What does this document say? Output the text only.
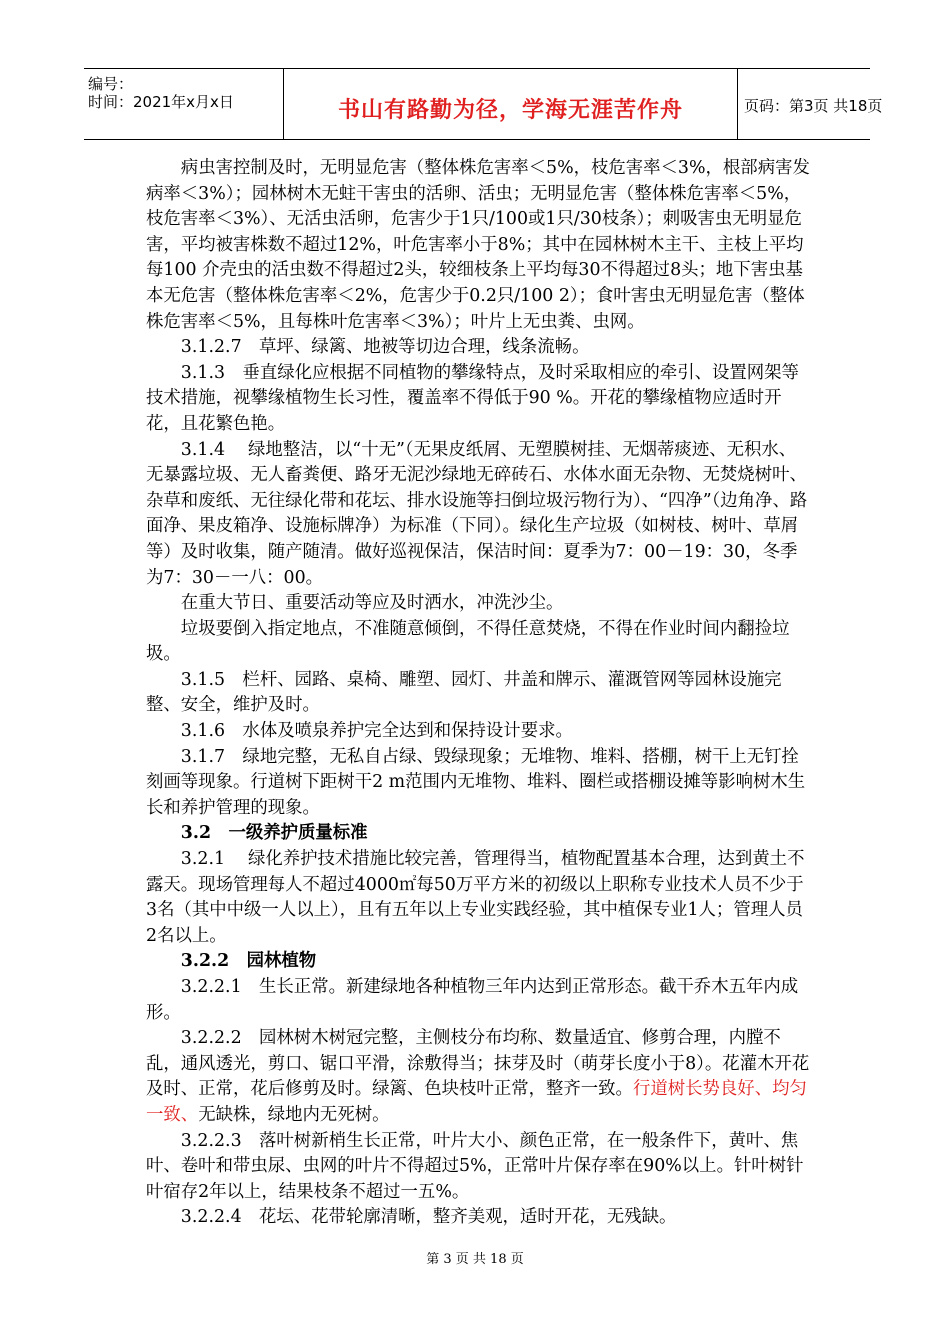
编号：
时间：2021年x月x日	书山有路勤为径，学海无涯苦作舟	页码：第3页 共18页

病虫害控制及时，无明显危害（整体株危害率＜5%，枝危害率＜3%，根部病害发病率＜3%）；园林树木无蛀干害虫的活卵、活虫；无明显危害（整体株危害率＜5%，枝危害率＜3%）、无活虫活卵，危害少于1只/100或1只/30枝条）；刺吸害虫无明显危害，平均被害株数不超过12%，叶危害率小于8%；其中在园林树木主干、主枝上平均每100 介壳虫的活虫数不得超过2头，较细枝条上平均每30不得超过8头；地下害虫基本无危害（整体株危害率＜2%，危害少于0.2只/100 2）；食叶害虫无明显危害（整体株危害率＜5%，且每株叶危害率＜3%）；叶片上无虫粪、虫网。

3.1.2.7　草坪、绿篱、地被等切边合理，线条流畅。

3.1.3　垂直绿化应根据不同植物的攀缘特点，及时采取相应的牵引、设置网架等技术措施，视攀缘植物生长习性，覆盖率不得低于90 %。开花的攀缘植物应适时开花，且花繁色艳。

3.1.4　 绿地整洁，以“十无”（无果皮纸屑、无塑膜树挂、无烟蒂痰迹、无积水、无暴露垃圾、无人畜粪便、路牙无泥沙绿地无碎砖石、水体水面无杂物、无焚烧树叶、杂草和废纸、无往绿化带和花坛、排水设施等扫倒垃圾污物行为）、“四净”（边角净、路面净、果皮箱净、设施标牌净）为标准（下同）。绿化生产垃圾（如树枝、树叶、草屑等）及时收集，随产随清。做好巡视保洁，保洁时间：夏季为7：00－19：30，冬季为7：30－一八：00。

在重大节日、重要活动等应及时洒水，冲洗沙尘。

垃圾要倒入指定地点，不准随意倾倒，不得任意焚烧，不得在作业时间内翻捡垃圾。

3.1.5　栏杆、园路、桌椅、雕塑、园灯、井盖和牌示、灌溉管网等园林设施完整、安全，维护及时。

3.1.6　水体及喷泉养护完全达到和保持设计要求。

3.1.7　绿地完整，无私自占绿、毁绿现象；无堆物、堆料、搭棚，树干上无钉拴刻画等现象。行道树下距树干2 m范围内无堆物、堆料、圈栏或搭棚设摊等影响树木生长和养护管理的现象。

3.2　一级养护质量标准

3.2.1　 绿化养护技术措施比较完善，管理得当，植物配置基本合理，达到黄土不露天。现场管理每人不超过4000㎡每50万平方米的初级以上职称专业技术人员不少于3名（其中中级一人以上），且有五年以上专业实践经验，其中植保专业1人；管理人员2名以上。

3.2.2　园林植物

3.2.2.1　生长正常。新建绿地各种植物三年内达到正常形态。截干乔木五年内成形。

3.2.2.2　园林树木树冠完整，主侧枝分布均称、数量适宜、修剪合理，内膛不乱，通风透光，剪口、锯口平滑，涂敷得当；抹芽及时（萌芽长度小于8）。花灌木开花及时、正常，花后修剪及时。绿篱、色块枝叶正常，整齐一致。行道树长势良好、均匀一致、无缺株，绿地内无死树。

3.2.2.3　落叶树新梢生长正常，叶片大小、颜色正常，在一般条件下，黄叶、焦叶、卷叶和带虫尿、虫网的叶片不得超过5%，正常叶片保存率在90%以上。针叶树针叶宿存2年以上，结果枝条不超过一五%。

3.2.2.4　花坛、花带轮廓清晰，整齐美观，适时开花，无残缺。

第 3 页 共 18 页
